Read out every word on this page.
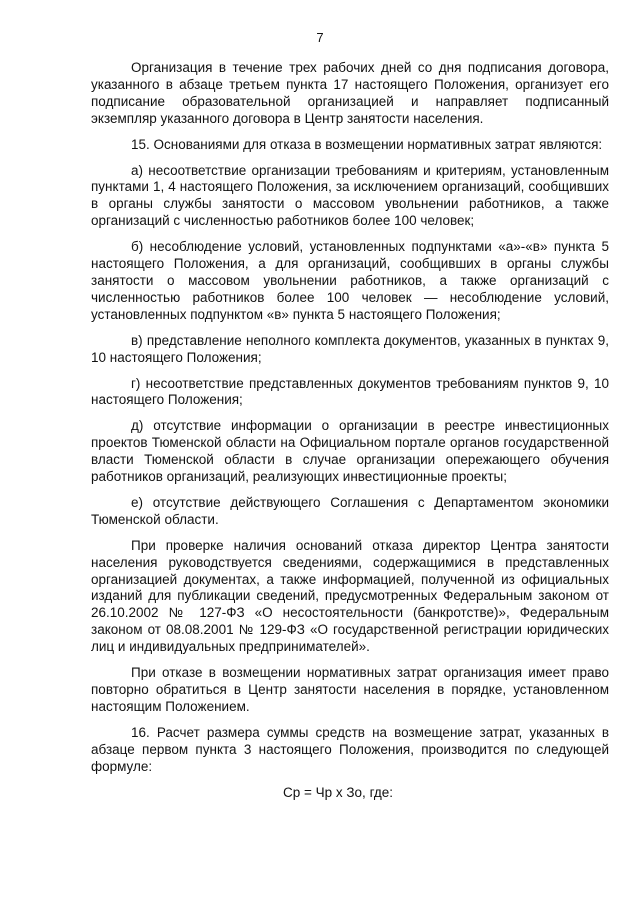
7

Организация в течение трех рабочих дней со дня подписания договора, указанного в абзаце третьем пункта 17 настоящего Положения, организует его подписание образовательной организацией и направляет подписанный экземпляр указанного договора в Центр занятости населения.

15. Основаниями для отказа в возмещении нормативных затрат являются:

а) несоответствие организации требованиям и критериям, установленным пунктами 1, 4 настоящего Положения, за исключением организаций, сообщивших в органы службы занятости о массовом увольнении работников, а также организаций с численностью работников более 100 человек;

б) несоблюдение условий, установленных подпунктами «а»-«в» пункта 5 настоящего Положения, а для организаций, сообщивших в органы службы занятости о массовом увольнении работников, а также организаций с численностью работников более 100 человек — несоблюдение условий, установленных подпунктом «в» пункта 5 настоящего Положения;

в) представление неполного комплекта документов, указанных в пунктах 9, 10 настоящего Положения;

г) несоответствие представленных документов требованиям пунктов 9, 10 настоящего Положения;

д) отсутствие информации о организации в реестре инвестиционных проектов Тюменской области на Официальном портале органов государственной власти Тюменской области в случае организации опережающего обучения работников организаций, реализующих инвестиционные проекты;

е) отсутствие действующего Соглашения с Департаментом экономики Тюменской области.

При проверке наличия оснований отказа директор Центра занятости населения руководствуется сведениями, содержащимися в представленных организацией документах, а также информацией, полученной из официальных изданий для публикации сведений, предусмотренных Федеральным законом от 26.10.2002 № 127-ФЗ «О несостоятельности (банкротстве)», Федеральным законом от 08.08.2001 № 129-ФЗ «О государственной регистрации юридических лиц и индивидуальных предпринимателей».

При отказе в возмещении нормативных затрат организация имеет право повторно обратиться в Центр занятости населения в порядке, установленном настоящим Положением.

16. Расчет размера суммы средств на возмещение затрат, указанных в абзаце первом пункта 3 настоящего Положения, производится по следующей формуле:

Ср = Чр х Зо, где:
